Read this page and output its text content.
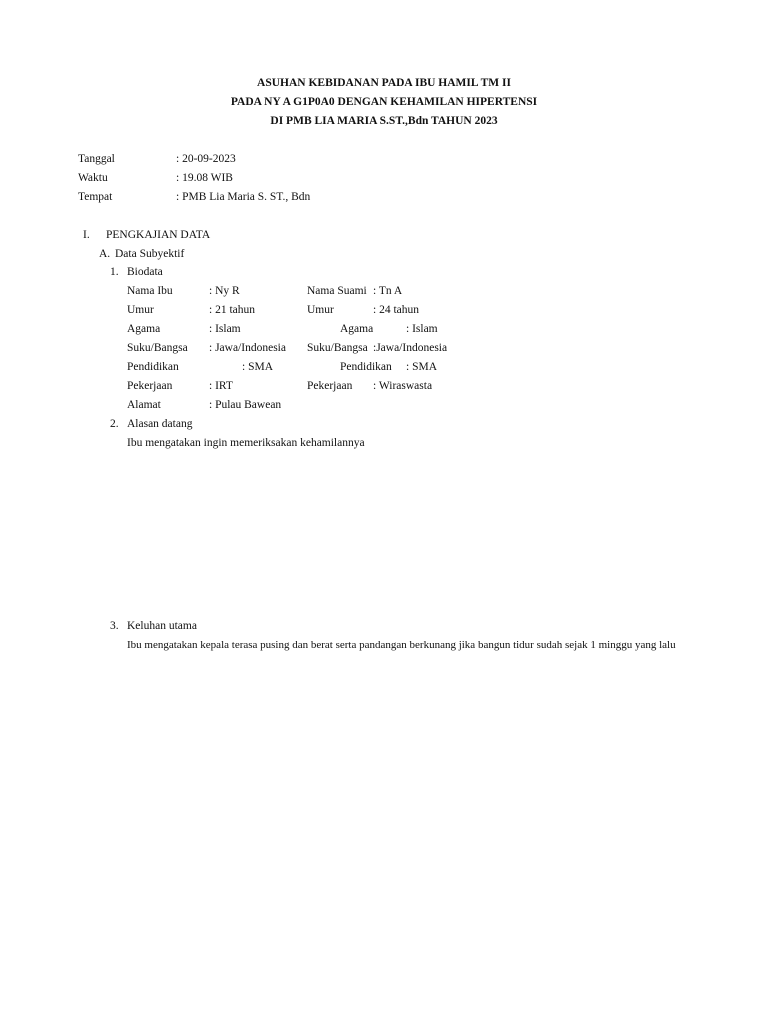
ASUHAN KEBIDANAN PADA IBU HAMIL TM II
PADA NY A G1P0A0 DENGAN KEHAMILAN HIPERTENSI
DI PMB LIA MARIA S.ST.,Bdn TAHUN 2023
Tanggal	: 20-09-2023
Waktu	: 19.08 WIB
Tempat	: PMB Lia Maria S. ST., Bdn
I. PENGKAJIAN DATA
A. Data Subyektif
1. Biodata
Nama Ibu	: Ny R	Nama Suami : Tn A
Umur	: 21 tahun	Umur	: 24 tahun
Agama	: Islam	Agama	: Islam
Suku/Bangsa : Jawa/Indonesia Suku/Bangsa :Jawa/Indonesia
Pendidikan	: SMA	Pendidikan : SMA
Pekerjaan	: IRT	Pekerjaan : Wiraswasta
Alamat	: Pulau Bawean
2. Alasan datang
Ibu mengatakan ingin memeriksakan kehamilannya
3. Keluhan utama
Ibu mengatakan kepala terasa pusing dan berat serta pandangan berkunang jika bangun tidur sudah sejak 1 minggu yang lalu
